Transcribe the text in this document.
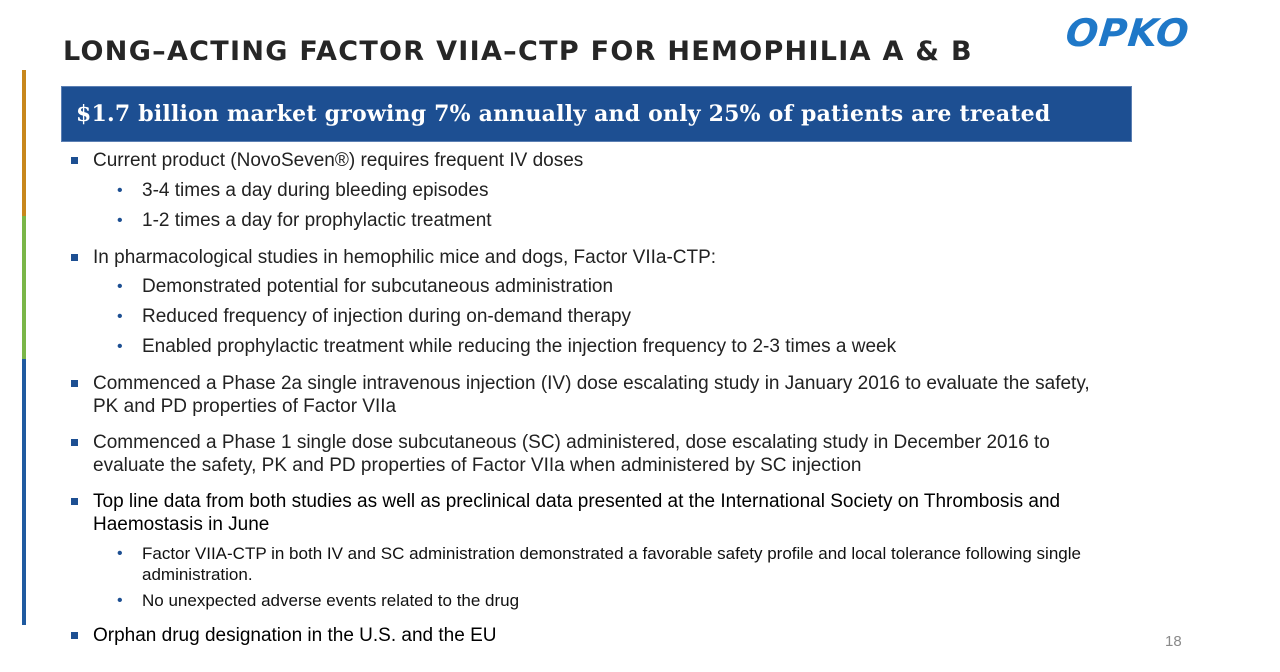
LONG–ACTING FACTOR VIIA–CTP FOR HEMOPHILIA A & B OPKO
$1.7 billion market growing 7% annually and only 25% of patients are treated
Current product (NovoSeven®) requires frequent IV doses
• 3-4 times a day during bleeding episodes
• 1-2 times a day for prophylactic treatment
In pharmacological studies in hemophilic mice and dogs, Factor VIIa-CTP:
• Demonstrated potential for subcutaneous administration
• Reduced frequency of injection during on-demand therapy
• Enabled prophylactic treatment while reducing the injection frequency to 2-3 times a week
Commenced a Phase 2a single intravenous injection (IV) dose escalating study in January 2016 to evaluate the safety,
PK and PD properties of Factor VIIa
Commenced a Phase 1 single dose subcutaneous (SC) administered, dose escalating study in December 2016 to
evaluate the safety, PK and PD properties of Factor VIIa when administered by SC injection
Top line data from both studies as well as preclinical data presented at the International Society on Thrombosis and
Haemostasis in June
• Factor VIIA-CTP in both IV and SC administration demonstrated a favorable safety profile and local tolerance following single
administration.
• No unexpected adverse events related to the drug
Orphan drug designation in the U.S. and the EU	18
